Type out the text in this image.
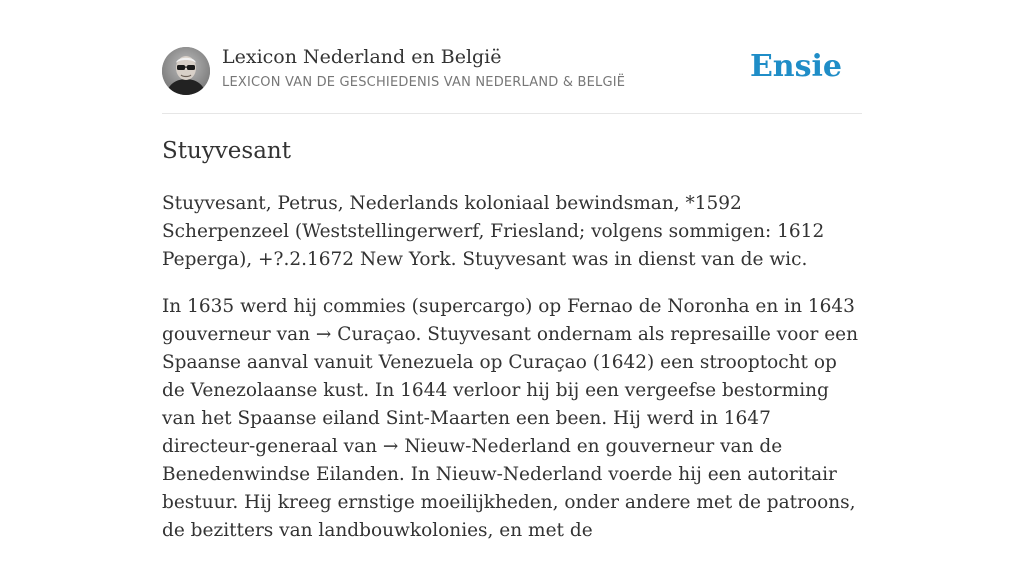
Lexicon Nederland en België
LEXICON VAN DE GESCHIEDENIS VAN NEDERLAND & BELGIË	Ensie
Stuyvesant

Stuyvesant, Petrus, Nederlands koloniaal bewindsman, *1592 Scherpenzeel (Weststellingerwerf, Friesland; volgens sommigen: 1612 Peperga), +?.2.1672 New York. Stuyvesant was in dienst van de wic.

In 1635 werd hij commies (supercargo) op Fernao de Noronha en in 1643 gouverneur van → Curaçao. Stuyvesant ondernam als represaille voor een Spaanse aanval vanuit Venezuela op Curaçao (1642) een strooptocht op de Venezolaanse kust. In 1644 verloor hij bij een vergeefse bestorming van het Spaanse eiland Sint-Maarten een been. Hij werd in 1647 directeur-generaal van → Nieuw-Nederland en gouverneur van de Benedenwindse Eilanden. In Nieuw-Nederland voerde hij een autoritair bestuur. Hij kreeg ernstige moeilijkheden, onder andere met de patroons, de bezitters van landbouwkolonies, en met de
